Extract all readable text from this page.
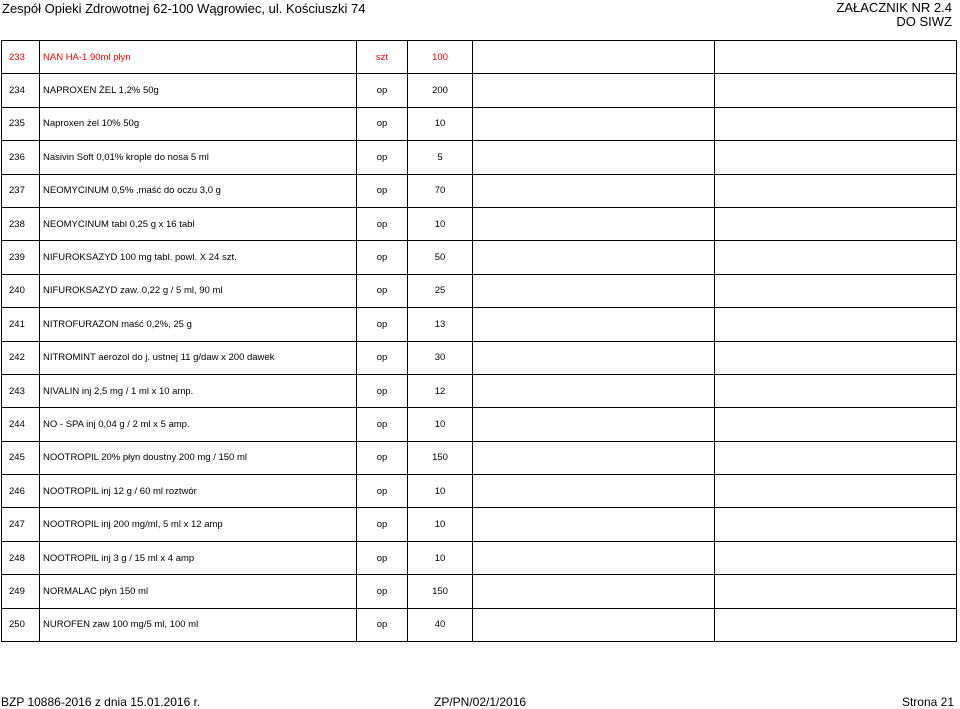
Zespół Opieki Zdrowotnej 62-100 Wągrowiec, ul. Kościuszki 74	ZAŁACZNIK NR 2.4
DO SIWZ
233	NAN HA-1 90ml płyn	szt	100		
234	NAPROXEN ŻEL 1,2% 50g	op	200		
235	Naproxen żel 10% 50g	op	10		
236	Nasivin Soft 0,01% krople do nosa 5 ml	op	5		
237	NEOMYCINUM 0,5% ,maść do oczu 3,0 g	op	70		
238	NEOMYCINUM tabl 0,25 g x 16 tabl	op	10		
239	NIFUROKSAZYD 100 mg tabl. powl. X 24 szt.	op	50		
240	NIFUROKSAZYD zaw. 0,22 g / 5 ml, 90 ml	op	25		
241	NITROFURAZON maść 0,2%, 25 g	op	13		
242	NITROMINT aerozol do j. ustnej 11 g/daw x 200 dawek	op	30		
243	NIVALIN inj 2,5 mg / 1 ml x 10 amp.	op	12		
244	NO - SPA inj 0,04 g / 2 ml x 5 amp.	op	10		
245	NOOTROPIL 20% płyn doustny 200 mg / 150 ml	op	150		
246	NOOTROPIL inj 12 g / 60 ml roztwór	op	10		
247	NOOTROPIL inj 200 mg/ml, 5 ml x 12 amp	op	10		
248	NOOTROPIL inj 3 g / 15 ml x 4 amp	op	10		
249	NORMALAC płyn 150 ml	op	150		
250	NUROFEN zaw 100 mg/5 ml, 100 ml	op	40		
BZP 10886-2016 z dnia 15.01.2016 r.	ZP/PN/02/1/2016	Strona 21
